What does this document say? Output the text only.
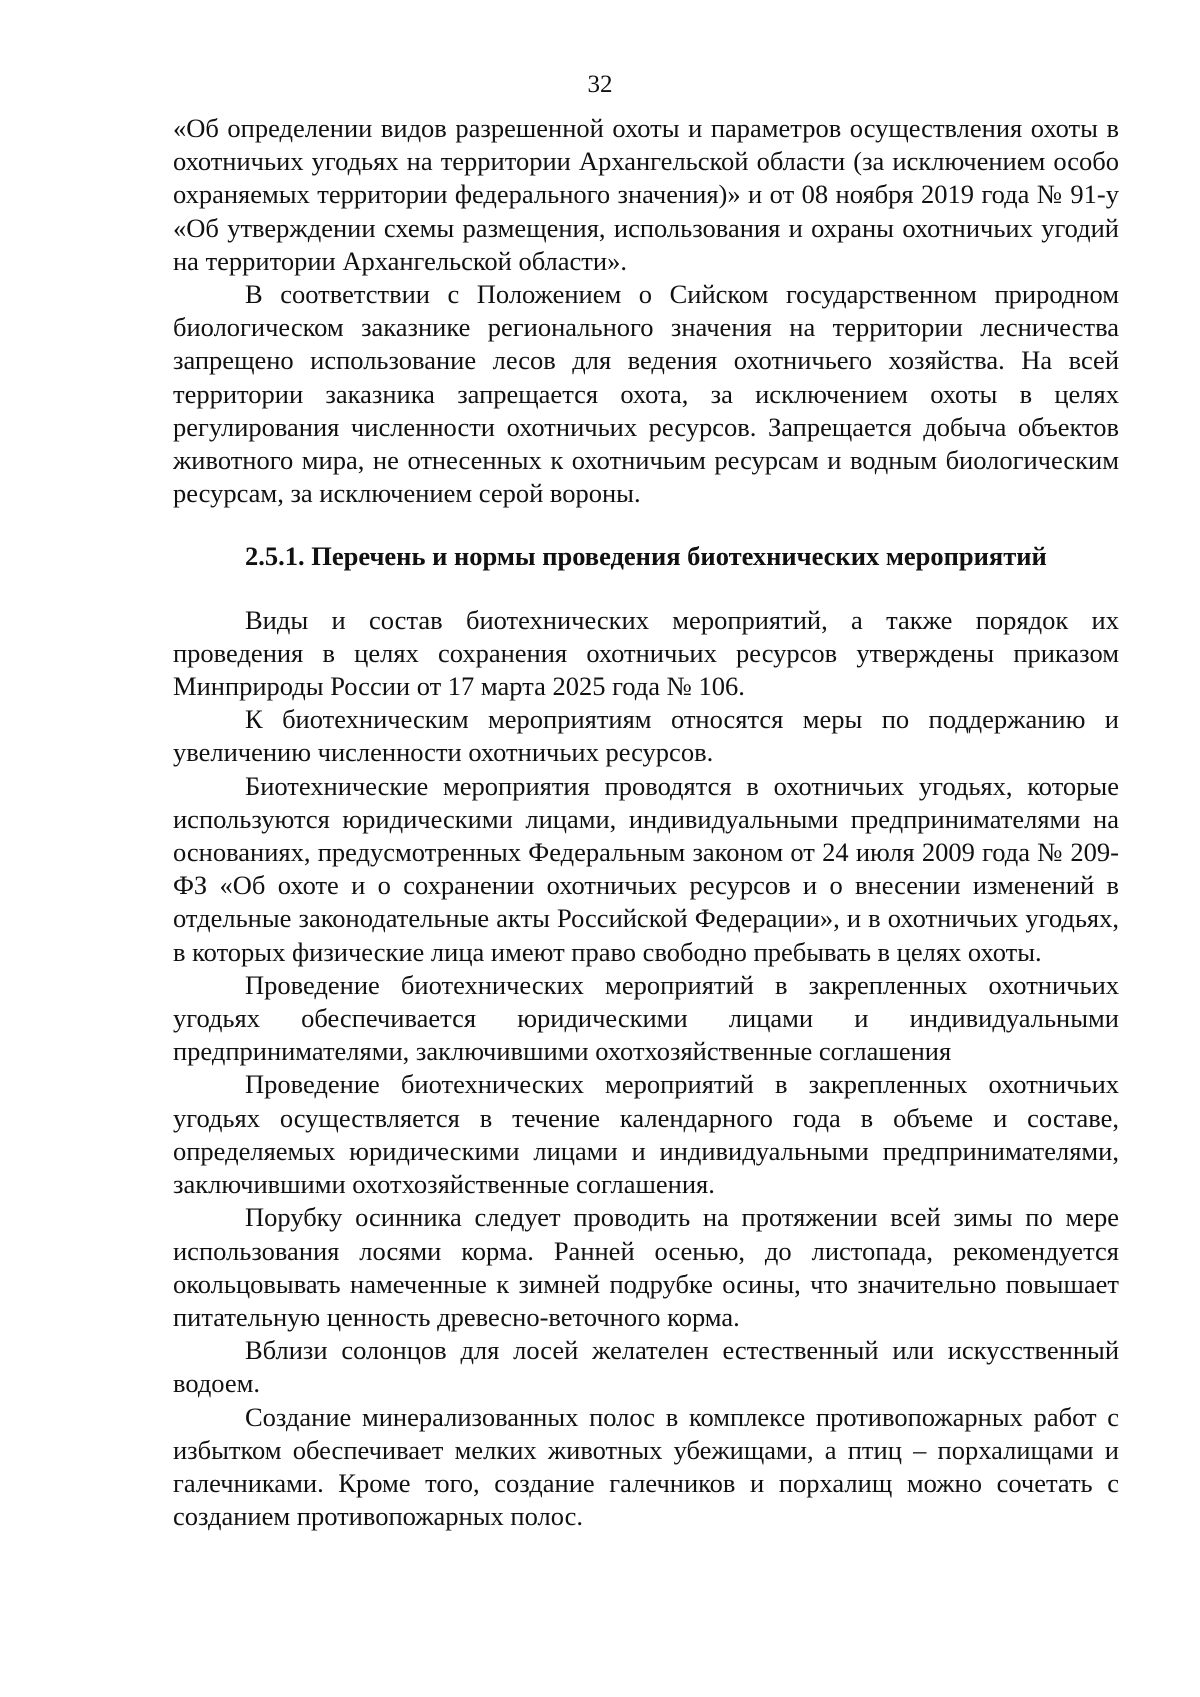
32

«Об определении видов разрешенной охоты и параметров осуществления охоты в охотничьих угодьях на территории Архангельской области (за исключением особо охраняемых территории федерального значения)» и от 08 ноября 2019 года № 91-у «Об утверждении схемы размещения, использования и охраны охотничьих угодий на территории Архангельской области».

В соответствии с Положением о Сийском государственном природном биологическом заказнике регионального значения на территории лесничества запрещено использование лесов для ведения охотничьего хозяйства. На всей территории заказника запрещается охота, за исключением охоты в целях регулирования численности охотничьих ресурсов. Запрещается добыча объектов животного мира, не отнесенных к охотничьим ресурсам и водным биологическим ресурсам, за исключением серой вороны.

2.5.1. Перечень и нормы проведения биотехнических мероприятий

Виды и состав биотехнических мероприятий, а также порядок их проведения в целях сохранения охотничьих ресурсов утверждены приказом Минприроды России от 17 марта 2025 года № 106.

К биотехническим мероприятиям относятся меры по поддержанию и увеличению численности охотничьих ресурсов.

Биотехнические мероприятия проводятся в охотничьих угодьях, которые используются юридическими лицами, индивидуальными предпринимателями на основаниях, предусмотренных Федеральным законом от 24 июля 2009 года № 209-ФЗ «Об охоте и о сохранении охотничьих ресурсов и о внесении изменений в отдельные законодательные акты Российской Федерации», и в охотничьих угодьях, в которых физические лица имеют право свободно пребывать в целях охоты.

Проведение биотехнических мероприятий в закрепленных охотничьих угодьях обеспечивается юридическими лицами и индивидуальными предпринимателями, заключившими охотхозяйственные соглашения

Проведение биотехнических мероприятий в закрепленных охотничьих угодьях осуществляется в течение календарного года в объеме и составе, определяемых юридическими лицами и индивидуальными предпринимателями, заключившими охотхозяйственные соглашения.

Порубку осинника следует проводить на протяжении всей зимы по мере использования лосями корма. Ранней осенью, до листопада, рекомендуется окольцовывать намеченные к зимней подрубке осины, что значительно повышает питательную ценность древесно-веточного корма.

Вблизи солонцов для лосей желателен естественный или искусственный водоем.

Создание минерализованных полос в комплексе противопожарных работ с избытком обеспечивает мелких животных убежищами, а птиц – порхалищами и галечниками. Кроме того, создание галечников и порхалищ можно сочетать с созданием противопожарных полос.
